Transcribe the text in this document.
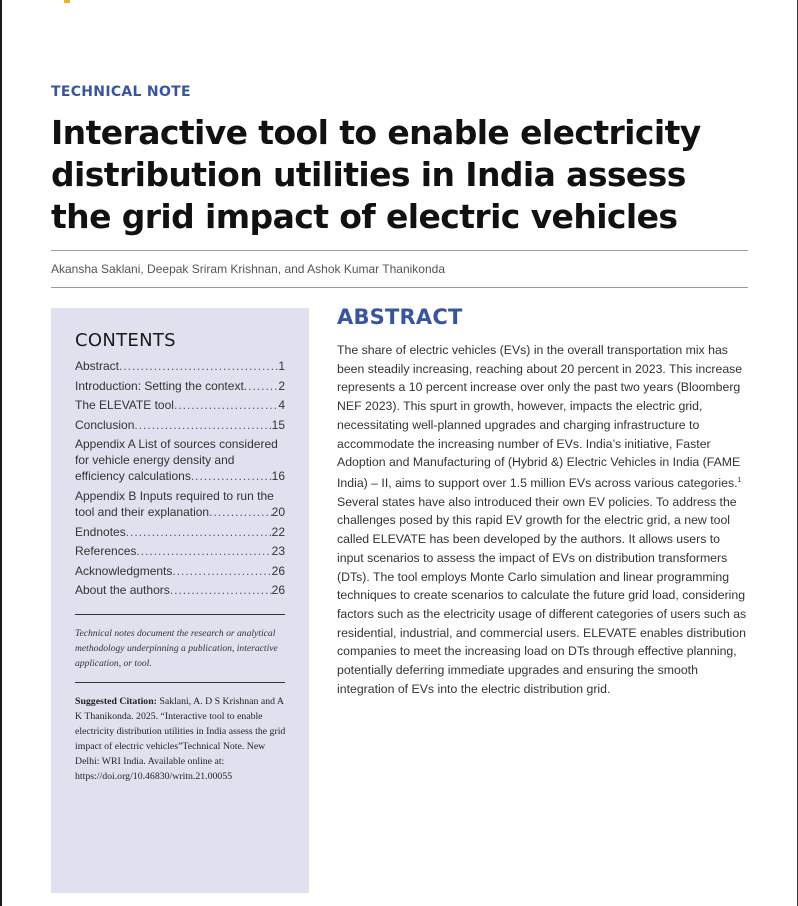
TECHNICAL NOTE
Interactive tool to enable electricity distribution utilities in India assess the grid impact of electric vehicles
Akansha Saklani, Deepak Sriram Krishnan, and Ashok Kumar Thanikonda
CONTENTS
Abstract .....	1
Introduction: Setting the context .....	2
The ELEVATE tool .....	4
Conclusion .....	15
Appendix A List of sources considered
for vehicle energy density and
efficiency calculations .....	16
Appendix B Inputs required to run the
tool and their explanation .....	20
Endnotes .....	22
References .....	23
Acknowledgments .....	26
About the authors .....	26
Technical notes document the research or analytical methodology underpinning a publication, interactive application, or tool.
Suggested Citation: Saklani, A. D S Krishnan and A K Thanikonda. 2025. “Interactive tool to enable electricity distribution utilities in India assess the grid impact of electric vehicles”Technical Note. New Delhi: WRI India. Available online at: https://doi.org/10.46830/writn.21.00055
ABSTRACT

The share of electric vehicles (EVs) in the overall transportation mix has been steadily increasing, reaching about 20 percent in 2023. This increase represents a 10 percent increase over only the past two years (Bloomberg NEF 2023). This spurt in growth, however, impacts the electric grid, necessitating well-planned upgrades and charging infrastructure to accommodate the increasing number of EVs. India’s initiative, Faster Adoption and Manufacturing of (Hybrid &) Electric Vehicles in India (FAME India) – II, aims to support over 1.5 million EVs across various categories.$^1$ Several states have also introduced their own EV policies. To address the challenges posed by this rapid EV growth for the electric grid, a new tool called ELEVATE has been developed by the authors. It allows users to input scenarios to assess the impact of EVs on distribution transformers (DTs). The tool employs Monte Carlo simulation and linear programming techniques to create scenarios to calculate the future grid load, considering factors such as the electricity usage of different categories of users such as residential, industrial, and commercial users. ELEVATE enables distribution companies to meet the increasing load on DTs through effective planning, potentially deferring immediate upgrades and ensuring the smooth integration of EVs into the electric distribution grid.
